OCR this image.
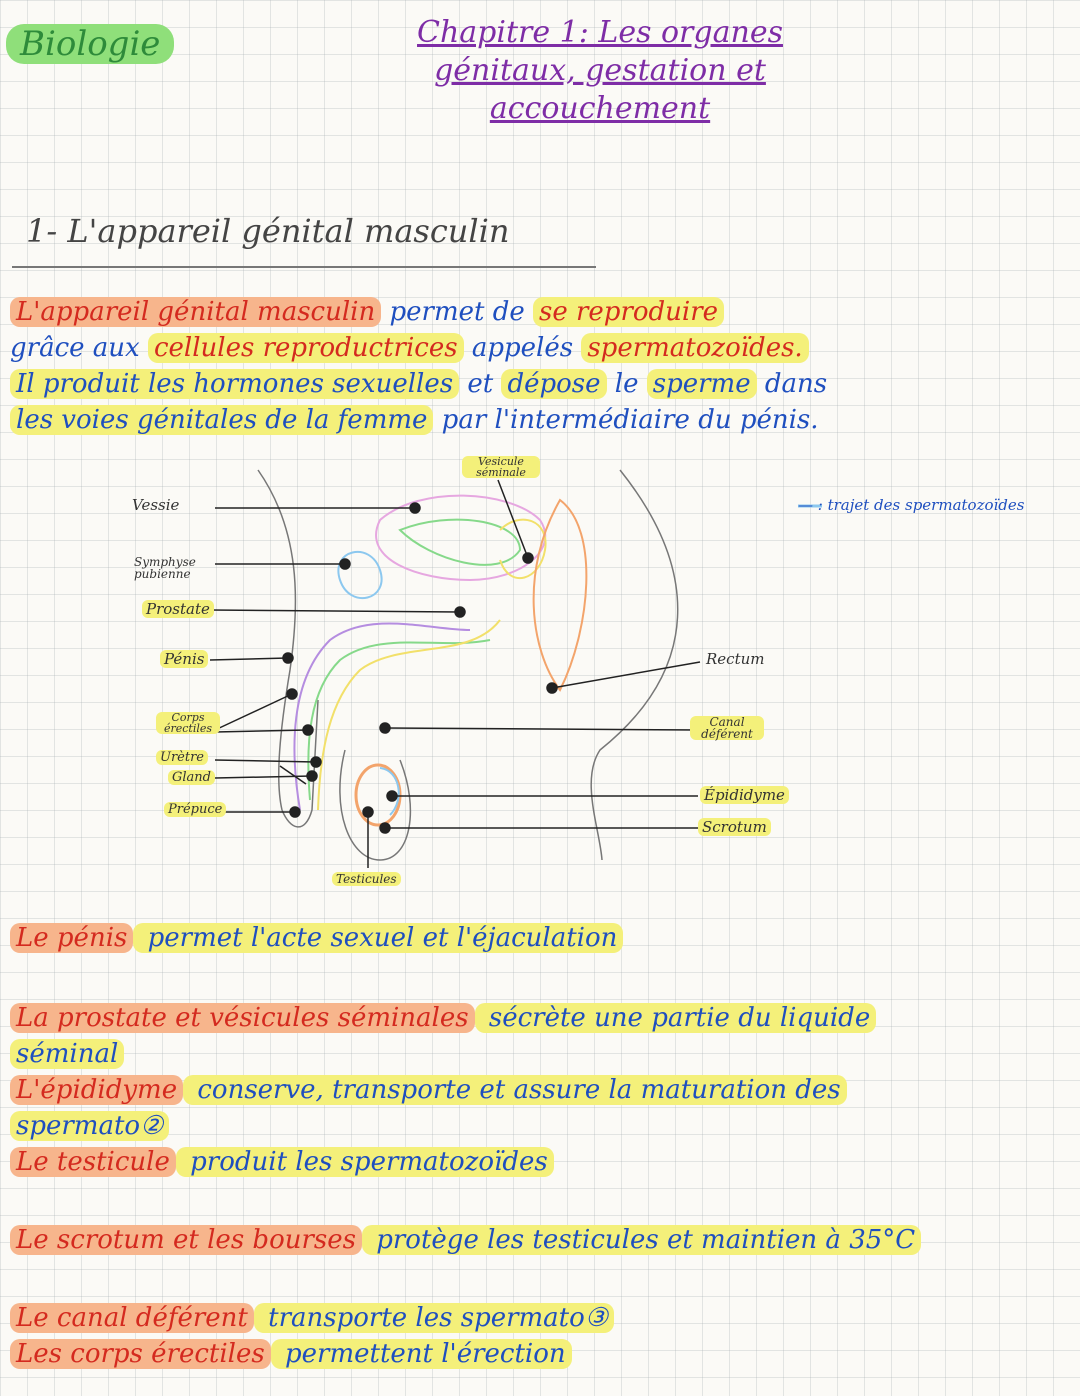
Biologie	Chapitre 1: Les organes
génitaux, gestation et
accouchement
1- L'appareil génital masculin
L'appareil génital masculin permet de se reproduire
grâce aux cellules reproductrices appelés spermatozoïdes.
Il produit les hormones sexuelles et dépose le sperme dans
les voies génitales de la femme par l'intermédiaire du pénis.
Vessie
Vesicule séminale
Symphyse pubienne
Prostate
Pénis	Rectum
Corps érectiles	Canal déférent
Urètre
Gland
Prépuce
Épididyme
Scrotum
Testicules
— : trajet des spermatozoïdes
Le pénis permet l'acte sexuel et l'éjaculation
La prostate et vésicules séminales sécrète une partie du liquide
séminal
L'épididyme conserve, transporte et assure la maturation des
spermato②
Le testicule produit les spermatozoïdes
Le scrotum et les bourses protège les testicules et maintien à 35°C
Le canal déférent transporte les spermato③
Les corps érectiles permettent l'érection
